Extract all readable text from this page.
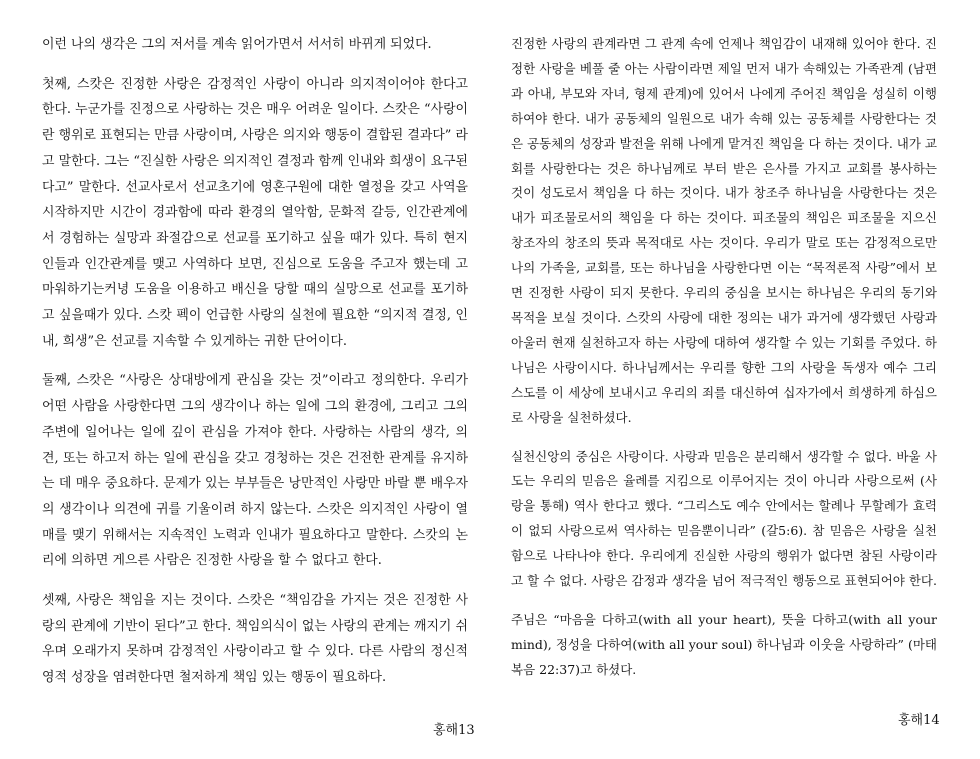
이런 나의 생각은 그의 저서를 계속 읽어가면서 서서히 바뀌게 되었다.

첫째, 스캇은 진정한 사랑은 감정적인 사랑이 아니라 의지적이어야 한다고 한다. 누군가를 진정으로 사랑하는 것은 매우 어려운 일이다. 스캇은 “사랑이란 행위로 표현되는 만큼 사랑이며, 사랑은 의지와 행동이 결합된 결과다” 라고 말한다. 그는 “진실한 사랑은 의지적인 결정과 함께 인내와 희생이 요구된다고” 말한다. 선교사로서 선교초기에 영혼구원에 대한 열정을 갖고 사역을 시작하지만 시간이 경과함에 따라 환경의 열악함, 문화적 갈등, 인간관계에서 경험하는 실망과 좌절감으로 선교를 포기하고 싶을 때가 있다. 특히 현지인들과 인간관계를 맺고 사역하다 보면, 진심으로 도움을 주고자 했는데 고마워하기는커녕 도움을 이용하고 배신을 당할 때의 실망으로 선교를 포기하고 싶을때가 있다. 스캇 펙이 언급한 사랑의 실천에 필요한 “의지적 결정, 인내, 희생”은 선교를 지속할 수 있게하는 귀한 단어이다.

둘째, 스캇은 “사랑은 상대방에게 관심을 갖는 것”이라고 정의한다. 우리가 어떤 사람을 사랑한다면 그의 생각이나 하는 일에 그의 환경에, 그리고 그의 주변에 일어나는 일에 깊이 관심을 가져야 한다. 사랑하는 사람의 생각, 의견, 또는 하고저 하는 일에 관심을 갖고 경청하는 것은 건전한 관계를 유지하는 데 매우 중요하다. 문제가 있는 부부들은 낭만적인 사랑만 바랄 뿐 배우자의 생각이나 의견에 귀를 기울이려 하지 않는다. 스캇은 의지적인 사랑이 열매를 맺기 위해서는 지속적인 노력과 인내가 필요하다고 말한다. 스캇의 논리에 의하면 게으른 사람은 진정한 사랑을 할 수 없다고 한다.

셋째, 사랑은 책임을 지는 것이다. 스캇은 “책임감을 가지는 것은 진정한 사랑의 관계에 기반이 된다”고 한다. 책임의식이 없는 사랑의 관계는 깨지기 쉬우며 오래가지 못하며 감정적인 사랑이라고 할 수 있다. 다른 사람의 정신적 영적 성장을 염려한다면 철저하게 책임 있는 행동이 필요하다.

홍해13

진정한 사랑의 관계라면 그 관계 속에 언제나 책임감이 내재해 있어야 한다. 진정한 사랑을 베풀 줄 아는 사람이라면 제일 먼저 내가 속해있는 가족관계 (남편과 아내, 부모와 자녀, 형제 관계)에 있어서 나에게 주어진 책임을 성실히 이행하여야 한다. 내가 공동체의 일원으로 내가 속해 있는 공동체를 사랑한다는 것은 공동체의 성장과 발전을 위해 나에게 맡겨진 책임을 다 하는 것이다. 내가 교회를 사랑한다는 것은 하나님께로 부터 받은 은사를 가지고 교회를 봉사하는 것이 성도로서 책임을 다 하는 것이다. 내가 창조주 하나님을 사랑한다는 것은 내가 피조물로서의 책임을 다 하는 것이다. 피조물의 책임은 피조물을 지으신 창조자의 창조의 뜻과 목적대로 사는 것이다. 우리가 말로 또는 감정적으로만 나의 가족을, 교회를, 또는 하나님을 사랑한다면 이는 “목적론적 사랑”에서 보면 진정한 사랑이 되지 못한다. 우리의 중심을 보시는 하나님은 우리의 동기와 목적을 보실 것이다. 스캇의 사랑에 대한 정의는 내가 과거에 생각했던 사랑과 아울러 현재 실천하고자 하는 사랑에 대하여 생각할 수 있는 기회를 주었다. 하나님은 사랑이시다. 하나님께서는 우리를 향한 그의 사랑을 독생자 예수 그리스도를 이 세상에 보내시고 우리의 죄를 대신하여 십자가에서 희생하게 하심으로 사랑을 실천하셨다.

실천신앙의 중심은 사랑이다. 사랑과 믿음은 분리해서 생각할 수 없다. 바울 사도는 우리의 믿음은 율례를 지킴으로 이루어지는 것이 아니라 사랑으로써 (사랑을 통해) 역사 한다고 했다. “그리스도 예수 안에서는 할례나 무할례가 효력이 없되 사랑으로써 역사하는 믿음뿐이니라” (갈5:6). 참 믿음은 사랑을 실천함으로 나타나야 한다. 우리에게 진실한 사랑의 행위가 없다면 참된 사랑이라고 할 수 없다. 사랑은 감정과 생각을 넘어 적극적인 행동으로 표현되어야 한다.

주님은 “마음을 다하고(with all your heart), 뜻을 다하고(with all your mind), 정성을 다하여(with all your soul) 하나님과 이웃을 사랑하라” (마태복음 22:37)고 하셨다.

홍해14
